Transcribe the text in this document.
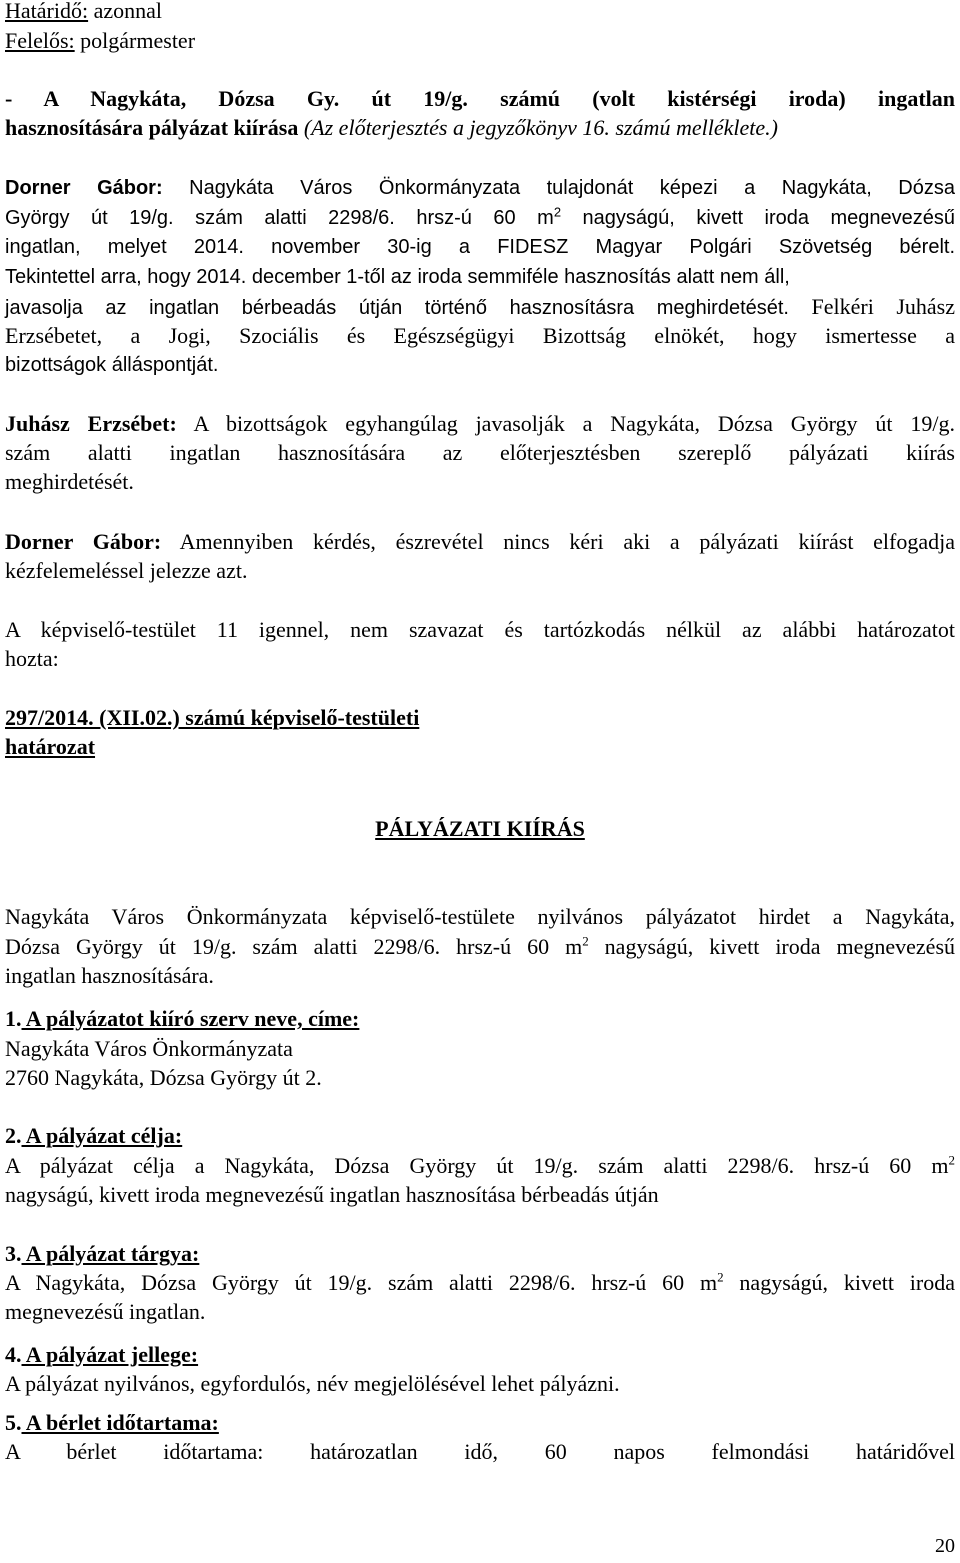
Határidő: azonnal
Felelős: polgármester
- A Nagykáta, Dózsa Gy. út 19/g. számú (volt kistérségi iroda) ingatlan
hasznosítására pályázat kiírása (Az előterjesztés a jegyzőkönyv 16. számú melléklete.)
Dorner Gábor: Nagykáta Város Önkormányzata tulajdonát képezi a Nagykáta, Dózsa
György út 19/g. szám alatti 2298/6. hrsz-ú 60 $m^2$ nagyságú, kivett iroda megnevezésű
ingatlan, melyet 2014. november 30-ig a FIDESZ Magyar Polgári Szövetség bérelt.
Tekintettel arra, hogy 2014. december 1-től az iroda semmiféle hasznosítás alatt nem áll,
javasolja az ingatlan bérbeadás útján történő hasznosításra meghirdetését. Felkéri Juhász
Erzsébetet, a Jogi, Szociális és Egészségügyi Bizottság elnökét, hogy ismertesse a
bizottságok álláspontját.
Juhász Erzsébet: A bizottságok egyhangúlag javasolják a Nagykáta, Dózsa György út 19/g.
szám alatti ingatlan hasznosítására az előterjesztésben szereplő pályázati kiírás
meghirdetését.
Dorner Gábor: Amennyiben kérdés, észrevétel nincs kéri aki a pályázati kiírást elfogadja
kézfelemeléssel jelezze azt.
A képviselő-testület 11 igennel, nem szavazat és tartózkodás nélkül az alábbi határozatot
hozta:
297/2014. (XII.02.) számú képviselő-testületi
határozat
PÁLYÁZATI KIÍRÁS
Nagykáta Város Önkormányzata képviselő-testülete nyilvános pályázatot hirdet a Nagykáta,
Dózsa György út 19/g. szám alatti 2298/6. hrsz-ú 60 $m^2$ nagyságú, kivett iroda megnevezésű
ingatlan hasznosítására.
1. A pályázatot kiíró szerv neve, címe:
Nagykáta Város Önkormányzata
2760 Nagykáta, Dózsa György út 2.
2. A pályázat célja:
A pályázat célja a Nagykáta, Dózsa György út 19/g. szám alatti 2298/6. hrsz-ú 60 $m^2$
nagyságú, kivett iroda megnevezésű ingatlan hasznosítása bérbeadás útján
3. A pályázat tárgya:
A Nagykáta, Dózsa György út 19/g. szám alatti 2298/6. hrsz-ú 60 $m^2$ nagyságú, kivett iroda
megnevezésű ingatlan.
4. A pályázat jellege:
A pályázat nyilvános, egyfordulós, név megjelölésével lehet pályázni.
5. A bérlet időtartama:
A bérlet időtartama: határozatlan idő, 60 napos felmondási határidővel
20
